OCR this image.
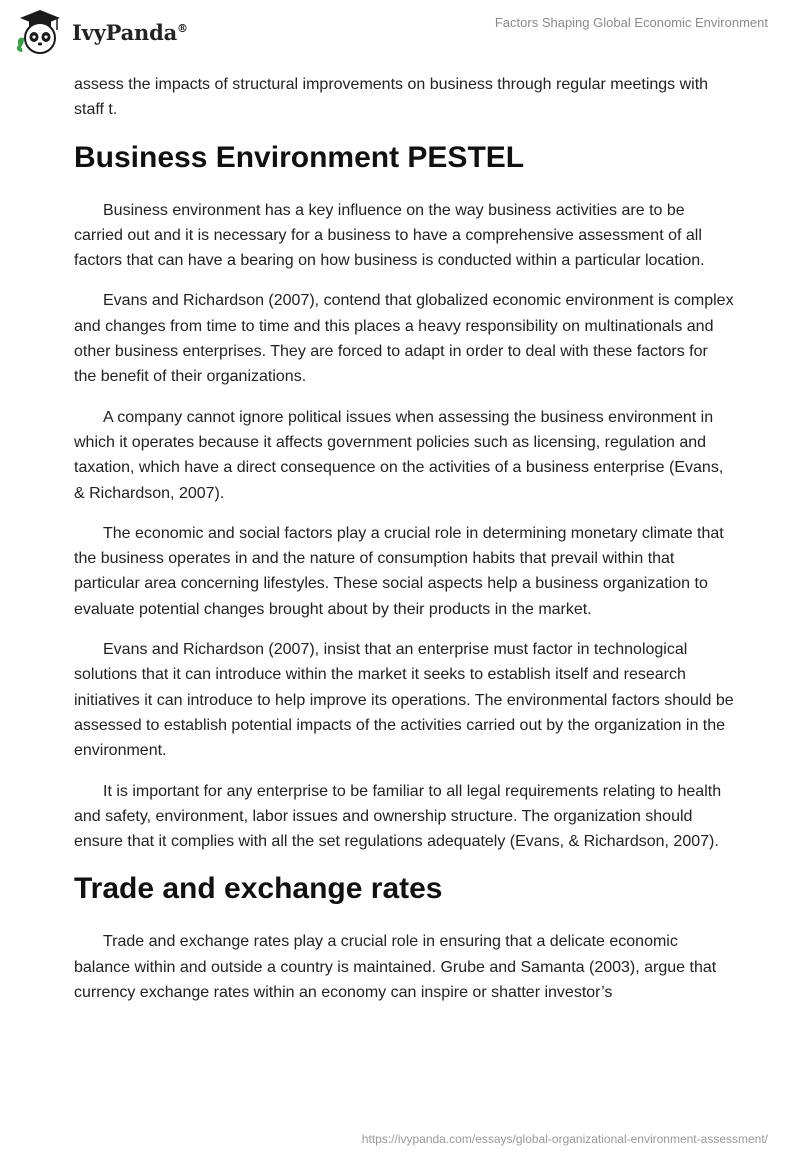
IvyPanda®	Factors Shaping Global Economic Environment

assess the impacts of structural improvements on business through regular meetings with staff t.

Business Environment PESTEL

Business environment has a key influence on the way business activities are to be carried out and it is necessary for a business to have a comprehensive assessment of all factors that can have a bearing on how business is conducted within a particular location.

Evans and Richardson (2007), contend that globalized economic environment is complex and changes from time to time and this places a heavy responsibility on multinationals and other business enterprises. They are forced to adapt in order to deal with these factors for the benefit of their organizations.

A company cannot ignore political issues when assessing the business environment in which it operates because it affects government policies such as licensing, regulation and taxation, which have a direct consequence on the activities of a business enterprise (Evans, & Richardson, 2007).

The economic and social factors play a crucial role in determining monetary climate that the business operates in and the nature of consumption habits that prevail within that particular area concerning lifestyles. These social aspects help a business organization to evaluate potential changes brought about by their products in the market.

Evans and Richardson (2007), insist that an enterprise must factor in technological solutions that it can introduce within the market it seeks to establish itself and research initiatives it can introduce to help improve its operations. The environmental factors should be assessed to establish potential impacts of the activities carried out by the organization in the environment.

It is important for any enterprise to be familiar to all legal requirements relating to health and safety, environment, labor issues and ownership structure. The organization should ensure that it complies with all the set regulations adequately (Evans, & Richardson, 2007).

Trade and exchange rates

Trade and exchange rates play a crucial role in ensuring that a delicate economic balance within and outside a country is maintained. Grube and Samanta (2003), argue that currency exchange rates within an economy can inspire or shatter investor’s

https://ivypanda.com/essays/global-organizational-environment-assessment/
